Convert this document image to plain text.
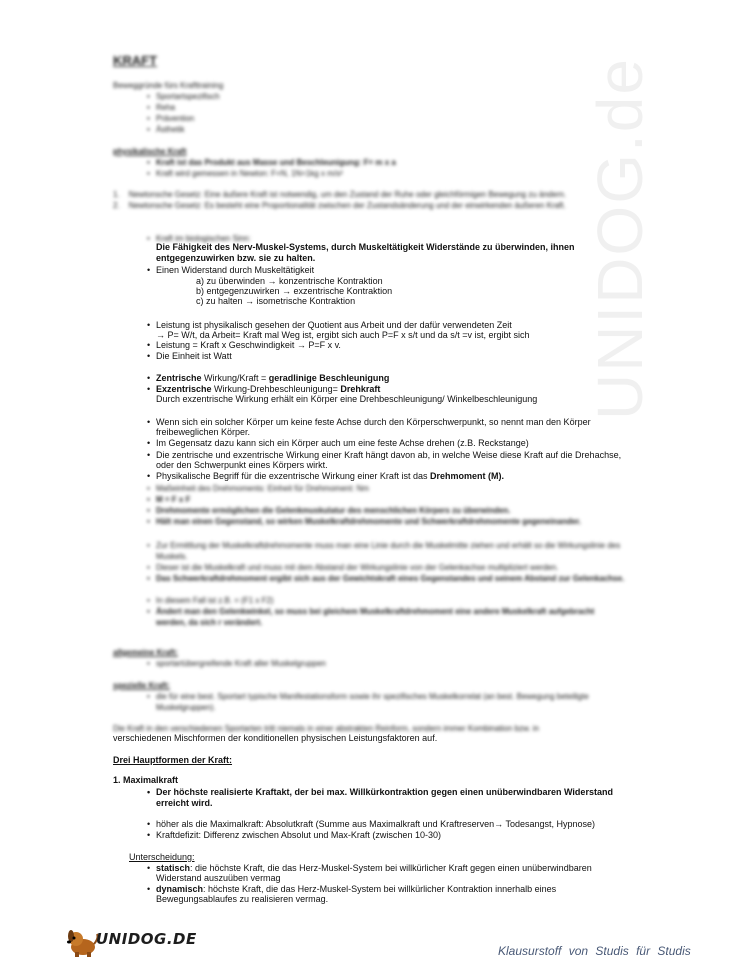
UNIDOG.de
KRAFT
Beweggründe fürs Krafttraining
• Sportartspezifisch
• Reha
• Prävention
• Ästhetik
physikalische Kraft
• Kraft ist das Produkt aus Masse und Beschleunigung: F= m x a
• Kraft wird gemessen in Newton: F=N, 1N=1kg x m/s²
1.    Newtonsche Gesetz: Eine äußere Kraft ist notwendig, um den Zustand der Ruhe oder gleichförmigen Bewegung zu ändern.
2.    Newtonsche Gesetz: Es besteht eine Proportionalität zwischen der Zustandsänderung und der einwirkenden äußeren Kraft.
• Kraft im biologischen Sinn:
Die Fähigkeit des Nerv-Muskel-Systems, durch Muskeltätigkeit Widerstände zu überwinden, ihnen entgegenzuwirken bzw. sie zu halten.
• Einen Widerstand durch Muskeltätigkeit
a) zu überwinden → konzentrische Kontraktion
b) entgegenzuwirken → exzentrische Kontraktion
c) zu halten → isometrische Kontraktion
• Leistung ist physikalisch gesehen der Quotient aus Arbeit und der dafür verwendeten Zeit
→ P= W/t, da Arbeit= Kraft mal Weg ist, ergibt sich auch P=F x s/t und da s/t =v ist, ergibt sich
• Leistung = Kraft x Geschwindigkeit → P=F x v.
• Die Einheit ist Watt
• Zentrische Wirkung/Kraft = geradlinige Beschleunigung
• Exzentrische Wirkung-Drehbeschleunigung= Drehkraft
Durch exzentrische Wirkung erhält ein Körper eine Drehbeschleunigung/ Winkelbeschleunigung
• Wenn sich ein solcher Körper um keine feste Achse durch den Körperschwerpunkt, so nennt man den Körper
freibeweglichen Körper.
• Im Gegensatz dazu kann sich ein Körper auch um eine feste Achse drehen (z.B. Reckstange)
• Die zentrische und exzentrische Wirkung einer Kraft hängt davon ab, in welche Weise diese Kraft auf die Drehachse,
oder den Schwerpunkt eines Körpers wirkt.
• Physikalische Begriff für die exzentrische Wirkung einer Kraft ist das Drehmoment (M).
• Maßeinheit des Drehmoments: Einheit für Drehmoment: Nm
• M = F x F
• Drehmomente ermöglichen die Gelenkmuskulatur des menschlichen Körpers zu überwinden.
• Hält man einen Gegenstand, so wirken Muskelkraftdrehmomente und Schwerkraftdrehmomente gegeneinander.
• Zur Ermittlung der Muskelkraftdrehmomente muss man eine Linie durch die Muskelmitte ziehen und erhält so die Wirkungslinie des Muskels.
• Dieser ist die Muskelkraft und muss mit dem Abstand der Wirkungslinie von der Gelenkachse multipliziert werden.
• Das Schwerkraftdrehmoment ergibt sich aus der Gewichtskraft eines Gegenstandes und seinem Abstand zur Gelenkachse.
• In diesem Fall ist z.B. = (F1 x F2)
• Ändert man den Gelenkwinkel, so muss bei gleichem Muskelkraftdrehmoment eine andere Muskelkraft aufgebracht werden, da sich r verändert.
allgemeine Kraft:
• sportartübergreifende Kraft aller Muskelgruppen
spezielle Kraft:
• die für eine best. Sportart typische Manifestationsform sowie ihr spezifisches Muskelkorrelat (an best. Bewegung beteiligte Muskelgruppen).
Die Kraft in den verschiedenen Sportarten tritt niemals in einer abstrakten Reinform, sondern immer Kombination bzw. in
verschiedenen Mischformen der konditionellen physischen Leistungsfaktoren auf.
Drei Hauptformen der Kraft:
1. Maximalkraft
• Der höchste realisierte Kraftakt, der bei max. Willkürkontraktion gegen einen unüberwindbaren Widerstand erreicht wird.
• höher als die Maximalkraft: Absolutkraft (Summe aus Maximalkraft und Kraftreserven→ Todesangst, Hypnose)
• Kraftdefizit: Differenz zwischen Absolut und Max-Kraft (zwischen 10-30)
Unterscheidung:
• statisch: die höchste Kraft, die das Herz-Muskel-System bei willkürlicher Kraft gegen einen unüberwindbaren
Widerstand auszuüben vermag
• dynamisch: höchste Kraft, die das Herz-Muskel-System bei willkürlicher Kontraktion innerhalb eines
Bewegungsablaufes zu realisieren vermag.
UNIDOG.DE
Klausurstoff von Studis für Studis
